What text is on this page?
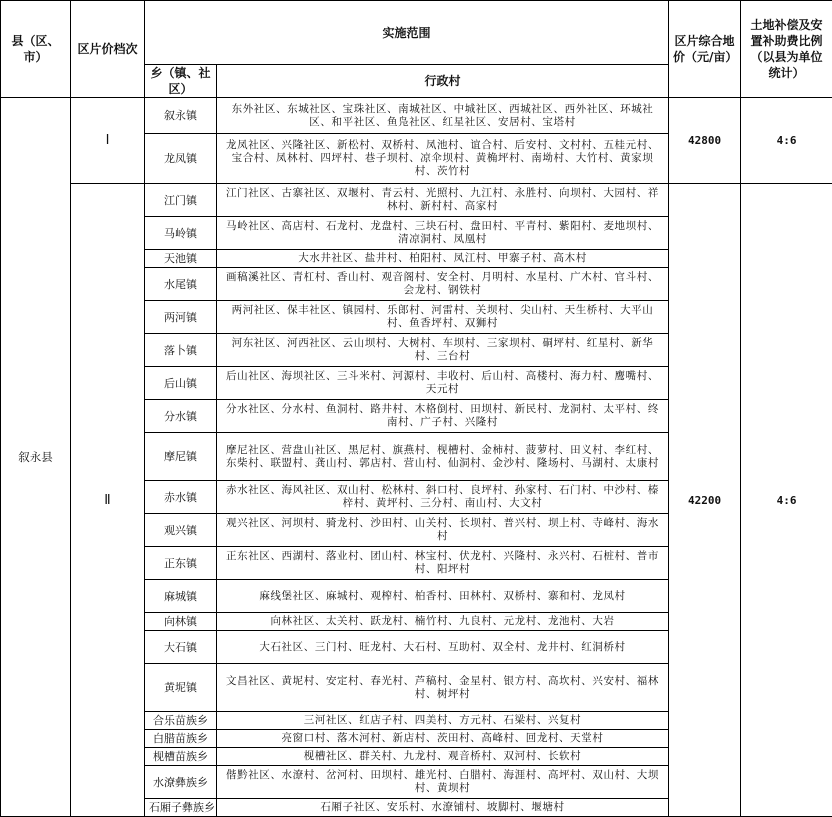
县（区、市）	区片价档次	实施范围		区片综合地价（元/亩）	土地补偿及安置补助费比例（以县为单位统计）
		乡（镇、社区）	行政村		
叙永县	Ⅰ	叙永镇	东外社区、东城社区、宝珠社区、南城社区、中城社区、西城社区、西外社区、环城社区、和平社区、鱼凫社区、红星社区、安居村、宝塔村	42800	4:6
		龙凤镇	龙凤社区、兴隆社区、新松村、双桥村、凤池村、谊合村、后安村、文村村、五桂元村、宝合村、凤林村、四坪村、巷子坝村、凉伞坝村、黄桷坪村、南坳村、大竹村、黄家坝村、茨竹村		
	Ⅱ	江门镇	江门社区、古寨社区、双堰村、青云村、光照村、九江村、永胜村、向坝村、大园村、祥林村、新村村、高家村	42200	4:6
		马岭镇	马岭社区、高店村、石龙村、龙盘村、三块石村、盘田村、平青村、紫阳村、麦地坝村、清凉洞村、凤凰村		
		天池镇	大水井社区、盐井村、柏阳村、凤江村、甲寨子村、高木村		
		水尾镇	画稿溪社区、青杠村、香山村、观音阁村、安全村、月明村、水星村、广木村、官斗村、会龙村、钢铁村		
		两河镇	两河社区、保丰社区、镇园村、乐郎村、河雷村、关坝村、尖山村、天生桥村、大平山村、鱼香坪村、双狮村		
		落卜镇	河东社区、河西社区、云山坝村、大树村、车坝村、三家坝村、硐坪村、红星村、新华村、三台村		
		后山镇	后山社区、海坝社区、三斗米村、河源村、丰收村、后山村、高楼村、海力村、鹰嘴村、天元村		
		分水镇	分水社区、分水村、鱼洞村、路井村、木格倒村、田坝村、新民村、龙洞村、太平村、终南村、广子村、兴隆村		
		摩尼镇	摩尼社区、营盘山社区、黑尼村、旗燕村、枧槽村、金柿村、菠萝村、田义村、李红村、东柴村、联盟村、龚山村、郭店村、营山村、仙洞村、金沙村、隆场村、马湖村、太康村		
		赤水镇	赤水社区、海风社区、双山村、松林村、斜口村、良坪村、孙家村、石门村、中沙村、榛梓村、黄坪村、三分村、南山村、大文村		
		观兴镇	观兴社区、河坝村、骑龙村、沙田村、山关村、长坝村、普兴村、坝上村、寺峰村、海水村		
		正东镇	正东社区、西湖村、落业村、团山村、林宝村、伏龙村、兴隆村、永兴村、石桩村、普市村、阳坪村		
		麻城镇	麻线堡社区、麻城村、观榨村、柏香村、田林村、双桥村、寨和村、龙凤村		
		向林镇	向林社区、太关村、跃龙村、楠竹村、九良村、元龙村、龙池村、大岩		
		大石镇	大石社区、三门村、旺龙村、大石村、互助村、双全村、龙井村、红洞桥村		
		黄坭镇	文昌社区、黄坭村、安定村、春光村、芦稿村、金星村、银方村、高坎村、兴安村、福林村、树坪村		
		合乐苗族乡	三河社区、红店子村、四美村、方元村、石梁村、兴复村		
		白腊苗族乡	亮窗口村、落木河村、新店村、茨田村、高峰村、回龙村、天堂村		
		枧槽苗族乡	枧槽社区、群关村、九龙村、观音桥村、双河村、长软村		
		水潦彝族乡	偕黔社区、水潦村、岔河村、田坝村、雄光村、白腊村、海涯村、高坪村、双山村、大坝村、黄坝村		
		石厢子彝族乡	石厢子社区、安乐村、水潦铺村、坡脚村、堰塘村		
